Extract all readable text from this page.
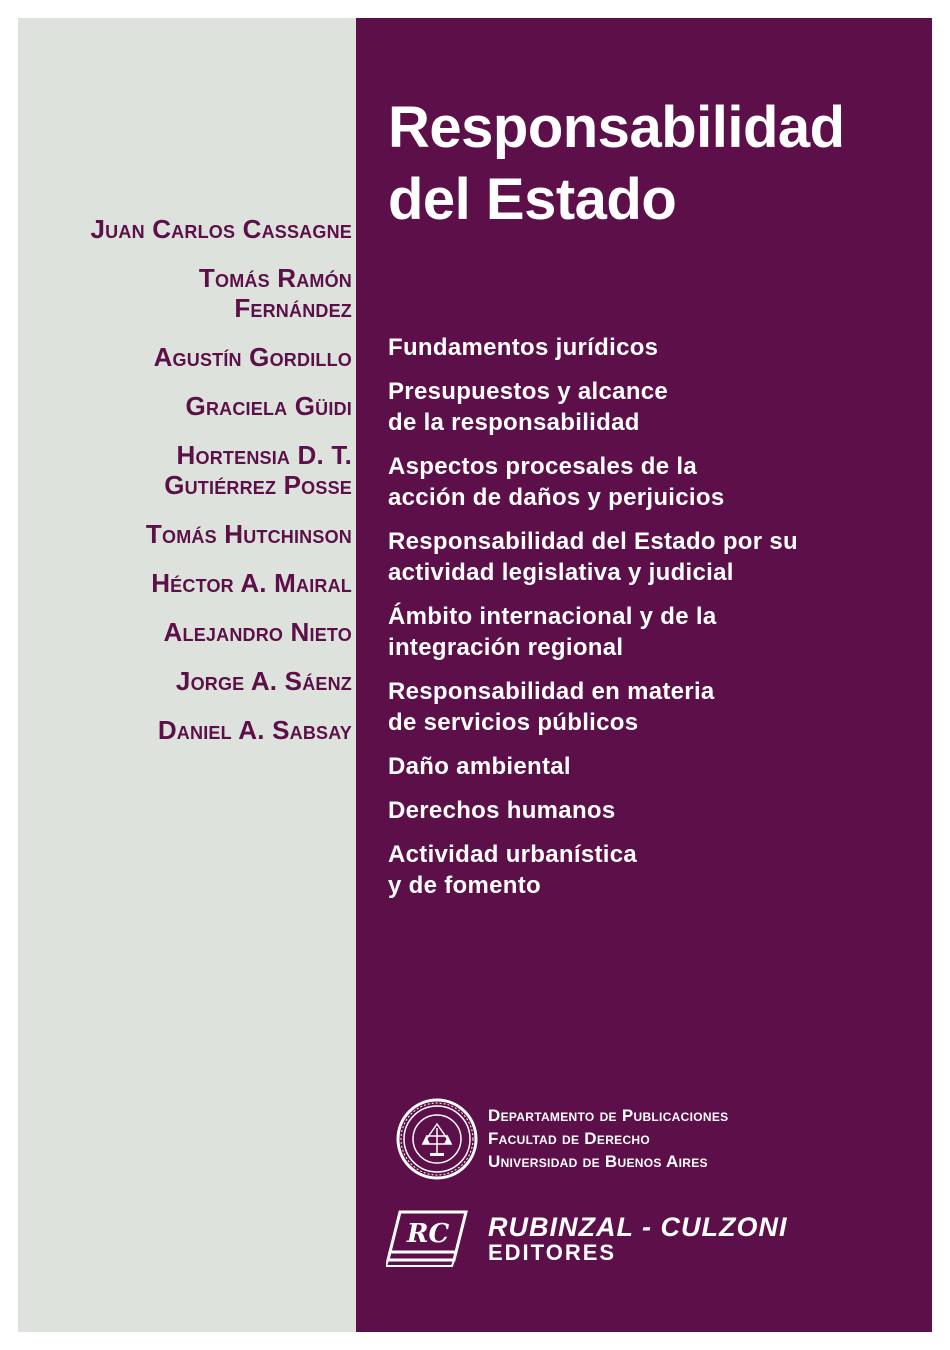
Juan Carlos Cassagne
Tomás Ramón
Fernández
Agustín Gordillo
Graciela Güidi
Hortensia D. T.
Gutiérrez Posse
Tomás Hutchinson
Héctor A. Mairal
Alejandro Nieto
Jorge A. Sáenz
Daniel A. Sabsay
Responsabilidad
del Estado
Fundamentos jurídicos
Presupuestos y alcance
de la responsabilidad
Aspectos procesales de la
acción de daños y perjuicios
Responsabilidad del Estado por su
actividad legislativa y judicial
Ámbito internacional y de la
integración regional
Responsabilidad en materia
de servicios públicos
Daño ambiental
Derechos humanos
Actividad urbanística
y de fomento
Departamento de Publicaciones
Facultad de Derecho
Universidad de Buenos Aires
RC RUBINZAL - CULZONI
EDITORES
